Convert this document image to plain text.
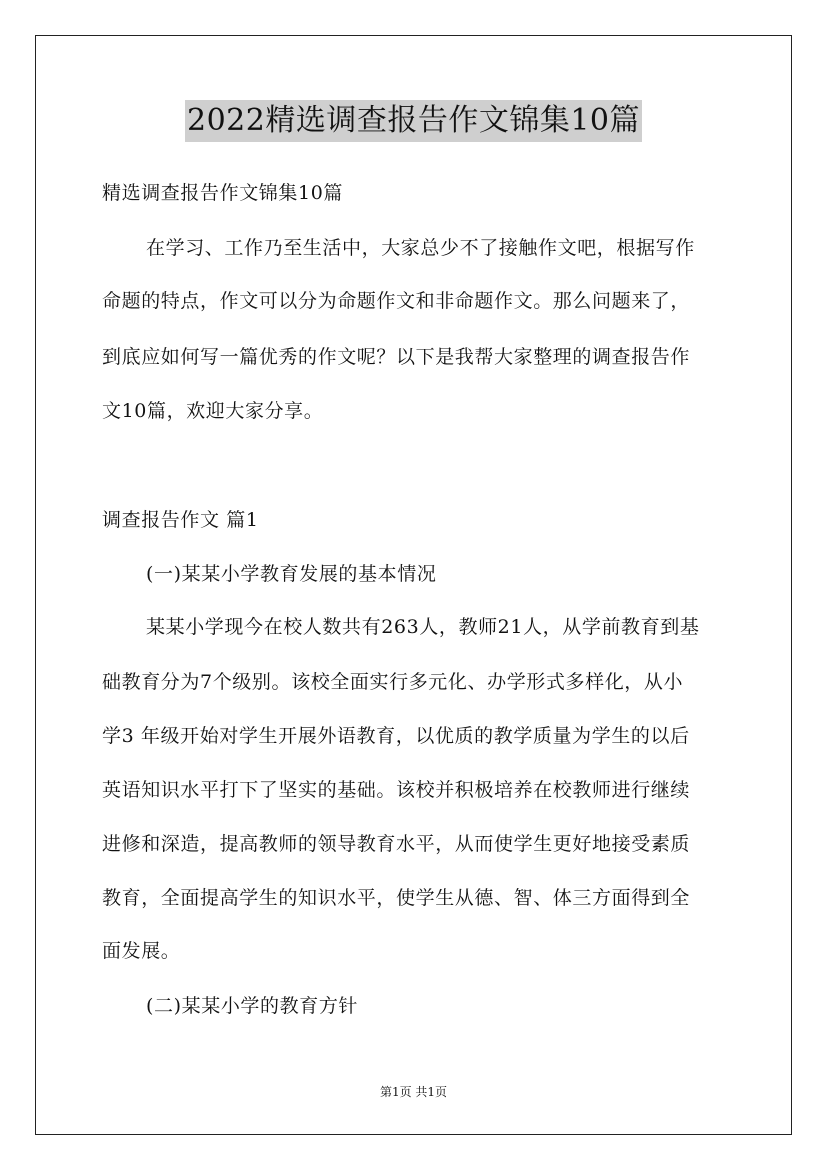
2022精选调查报告作文锦集10篇
精选调查报告作文锦集10篇
在学习、工作乃至生活中，大家总少不了接触作文吧，根据写作
命题的特点，作文可以分为命题作文和非命题作文。那么问题来了，
到底应如何写一篇优秀的作文呢？以下是我帮大家整理的调查报告作
文10篇，欢迎大家分享。
调查报告作文 篇1
(一)某某小学教育发展的基本情况
某某小学现今在校人数共有263人，教师21人，从学前教育到基
础教育分为7个级别。该校全面实行多元化、办学形式多样化，从小
学3 年级开始对学生开展外语教育，以优质的教学质量为学生的以后
英语知识水平打下了坚实的基础。该校并积极培养在校教师进行继续
进修和深造，提高教师的领导教育水平，从而使学生更好地接受素质
教育，全面提高学生的知识水平，使学生从德、智、体三方面得到全
面发展。
(二)某某小学的教育方针
第1页 共1页
